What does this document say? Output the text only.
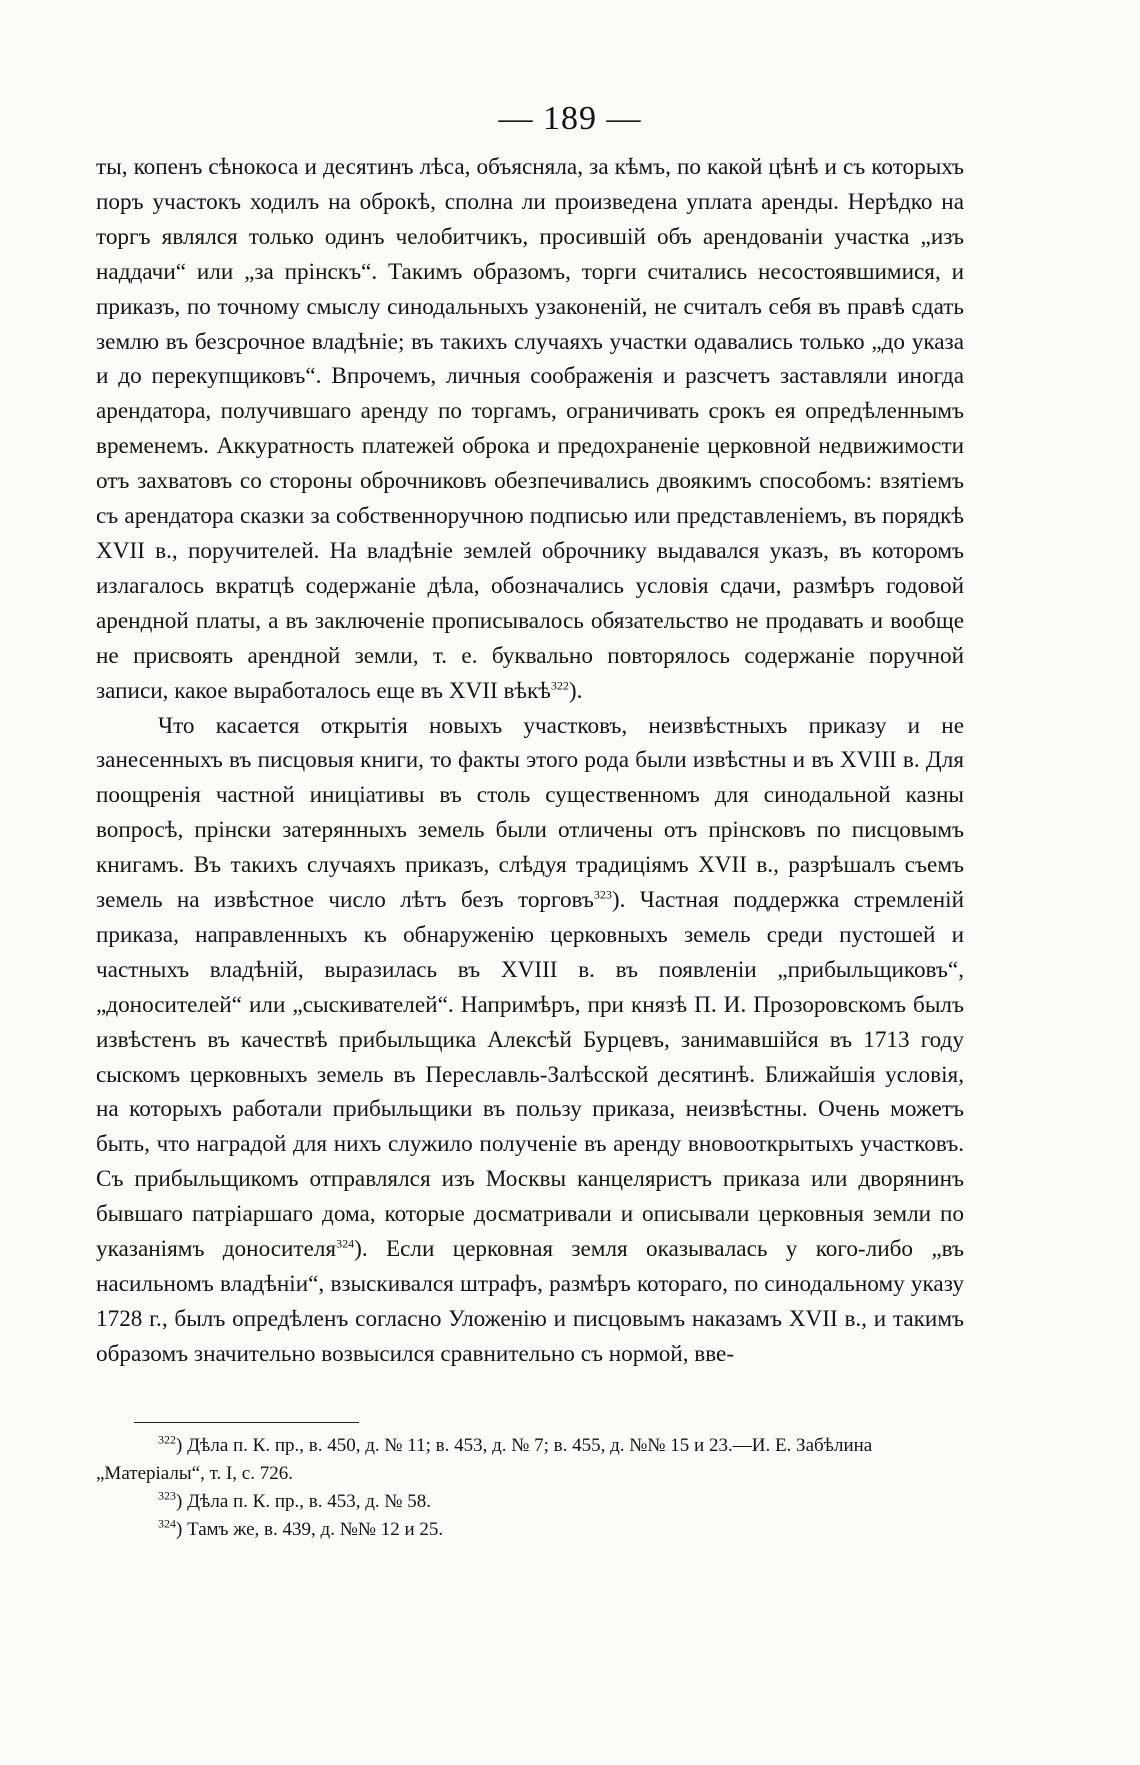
— 189 —

ты, копенъ сѣнокоса и десятинъ лѣса, объясняла, за кѣмъ, по какой цѣнѣ и съ которыхъ поръ участокъ ходилъ на оброкѣ, сполна ли произведена уплата аренды. Нерѣдко на торгъ являлся только одинъ челобитчикъ, просившій объ арендованіи участка „изъ наддачи“ или „за прінскъ“. Такимъ образомъ, торги считались несостоявшимися, и приказъ, по точному смыслу синодальныхъ узаконеній, не считалъ себя въ правѣ сдать землю въ безсрочное владѣніе; въ такихъ случаяхъ участки одавались только „до указа и до перекупщиковъ“. Впрочемъ, личныя соображенія и разсчетъ заставляли иногда арендатора, получившаго аренду по торгамъ, ограничивать срокъ ея опредѣленнымъ временемъ. Аккуратность платежей оброка и предохраненіе церковной недвижимости отъ захватовъ со стороны оброчниковъ обезпечивались двоякимъ способомъ: взятіемъ съ арендатора сказки за собственноручною подписью или представленіемъ, въ порядкѣ XVII в., поручителей. На владѣніе землей оброчнику выдавался указъ, въ которомъ излагалось вкратцѣ содержаніе дѣла, обозначались условія сдачи, размѣръ годовой арендной платы, а въ заключеніе прописывалось обязательство не продавать и вообще не присвоять арендной земли, т. е. буквально повторялось содержаніе поручной записи, какое выработалось еще въ XVII вѣкѣ$^{322}$).

Что касается открытія новыхъ участковъ, неизвѣстныхъ приказу и не занесенныхъ въ писцовыя книги, то факты этого рода были извѣстны и въ XVIII в. Для поощренія частной иниціативы въ столь существенномъ для синодальной казны вопросѣ, прінски затерянныхъ земель были отличены отъ прінсковъ по писцовымъ книгамъ. Въ такихъ случаяхъ приказъ, слѣдуя традиціямъ XVII в., разрѣшалъ съемъ земель на извѣстное число лѣтъ безъ торговъ$^{323}$). Частная поддержка стремленій приказа, направленныхъ къ обнаруженію церковныхъ земель среди пустошей и частныхъ владѣній, выразилась въ XVIII в. въ появленіи „прибыльщиковъ“, „доносителей“ или „сыскивателей“. Напримѣръ, при князѣ П. И. Прозоровскомъ былъ извѣстенъ въ качествѣ прибыльщика Алексѣй Бурцевъ, занимавшійся въ 1713 году сыскомъ церковныхъ земель въ Переславль-Залѣсской десятинѣ. Ближайшія условія, на которыхъ работали прибыльщики въ пользу приказа, неизвѣстны. Очень можетъ быть, что наградой для нихъ служило полученіе въ аренду вновооткрытыхъ участковъ. Съ прибыльщикомъ отправлялся изъ Москвы канцеляристъ приказа или дворянинъ бывшаго патріаршаго дома, которые досматривали и описывали церковныя земли по указаніямъ доносителя$^{324}$). Если церковная земля оказывалась у кого-либо „въ насильномъ владѣніи“, взыскивался штрафъ, размѣръ котораго, по синодальному указу 1728 г., былъ опредѣленъ согласно Уложенію и писцовымъ наказамъ XVII в., и такимъ образомъ значительно возвысился сравнительно съ нормой, вве-

$^{322}$) Дѣла п. К. пр., в. 450, д. № 11; в. 453, д. № 7; в. 455, д. №№ 15 и 23.—И. Е. Забѣлина „Матеріалы“, т. I, с. 726.

$^{323}$) Дѣла п. К. пр., в. 453, д. № 58.

$^{324}$) Тамъ же, в. 439, д. №№ 12 и 25.
